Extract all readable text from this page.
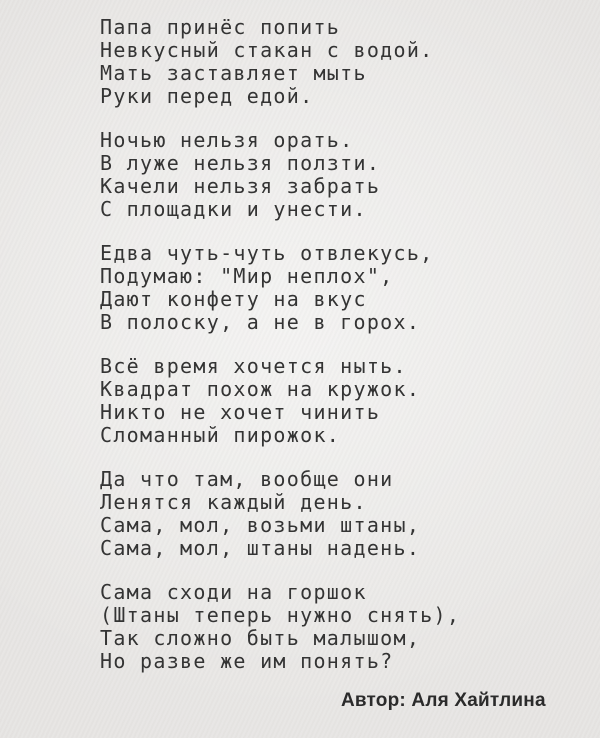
Папа принёс попить

Невкусный стакан с водой.

Мать заставляет мыть

Руки перед едой.

Ночью нельзя орать.

В луже нельзя ползти.

Качели нельзя забрать

С площадки и унести.

Едва чуть-чуть отвлекусь,

Подумаю: "Мир неплох",

Дают конфету на вкус

В полоску, а не в горох.

Всё время хочется ныть.

Квадрат похож на кружок.

Никто не хочет чинить

Сломанный пирожок.

Да что там, вообще они

Ленятся каждый день.

Сама, мол, возьми штаны,

Сама, мол, штаны надень.

Сама сходи на горшок

(Штаны теперь нужно снять),

Так сложно быть малышом,

Но разве же им понять?

Автор: Аля Хайтлина
